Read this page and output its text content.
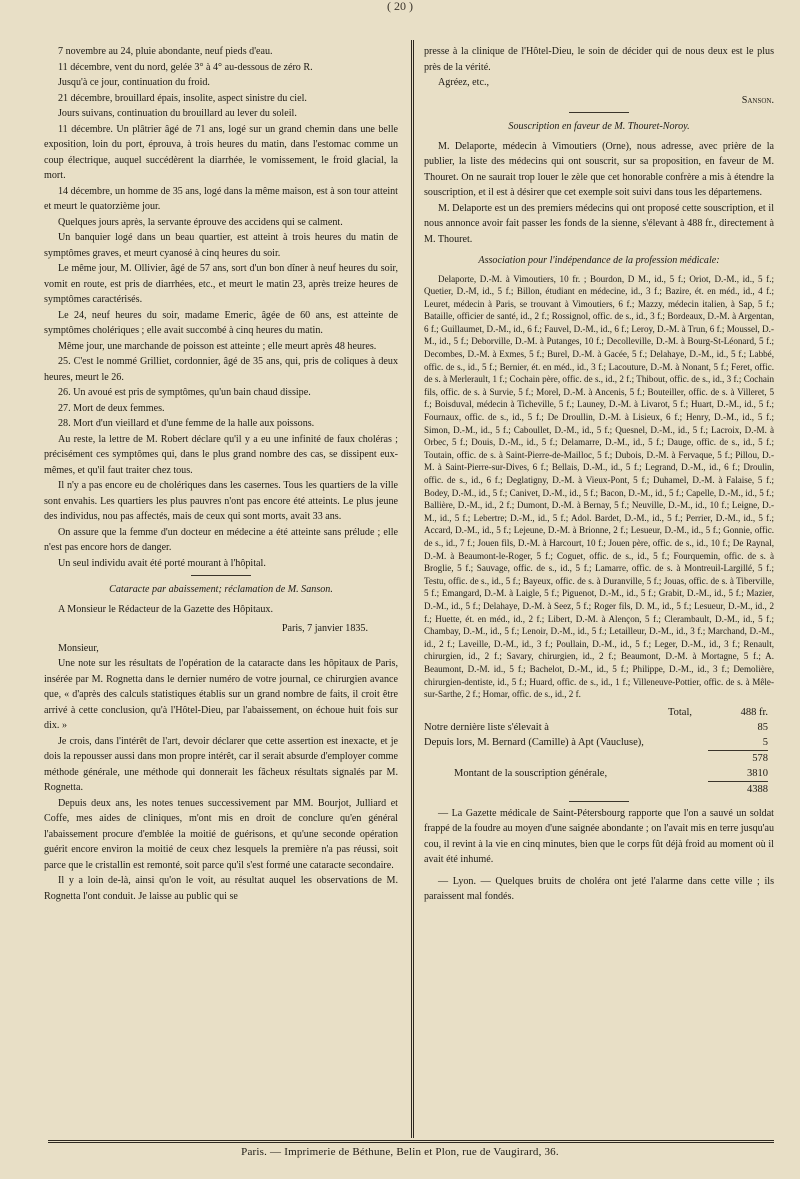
( 20 )

7 novembre au 24, pluie abondante, neuf pieds d'eau.

11 décembre, vent du nord, gelée 3° à 4° au-dessous de zéro R.

Jusqu'à ce jour, continuation du froid.

21 décembre, brouillard épais, insolite, aspect sinistre du ciel.

Jours suivans, continuation du brouillard au lever du soleil.

11 décembre. Un plâtrier âgé de 71 ans, logé sur un grand chemin dans une belle exposition, loin du port, éprouva, à trois heures du matin, dans l'estomac comme un coup électrique, auquel succédèrent la diarrhée, le vomissement, le froid glacial, la mort.

14 décembre, un homme de 35 ans, logé dans la même maison, est à son tour atteint et meurt le quatorzième jour.

Quelques jours après, la servante éprouve des accidens qui se calment.

Un banquier logé dans un beau quartier, est atteint à trois heures du matin de symptômes graves, et meurt cyanosé à cinq heures du soir.

Le même jour, M. Ollivier, âgé de 57 ans, sort d'un bon dîner à neuf heures du soir, vomit en route, est pris de diarrhées, etc., et meurt le matin 23, après treize heures de symptômes caractérisés.

Le 24, neuf heures du soir, madame Emeric, âgée de 60 ans, est atteinte de symptômes cholériques ; elle avait succombé à cinq heures du matin.

Même jour, une marchande de poisson est atteinte ; elle meurt après 48 heures.

25. C'est le nommé Grilliet, cordonnier, âgé de 35 ans, qui, pris de coliques à deux heures, meurt le 26.

26. Un avoué est pris de symptômes, qu'un bain chaud dissipe.

27. Mort de deux femmes.

28. Mort d'un vieillard et d'une femme de la halle aux poissons.

Au reste, la lettre de M. Robert déclare qu'il y a eu une infinité de faux choléras ; précisément ces symptômes qui, dans le plus grand nombre des cas, se dissipent eux-mêmes, et qu'il faut traiter chez tous.

Il n'y a pas encore eu de cholériques dans les casernes. Tous les quartiers de la ville sont envahis. Les quartiers les plus pauvres n'ont pas encore été atteints. Le plus jeune des individus, nou pas affectés, mais de ceux qui sont morts, avait 33 ans.

On assure que la femme d'un docteur en médecine a été atteinte sans prélude ; elle n'est pas encore hors de danger.

Un seul individu avait été porté mourant à l'hôpital.

Cataracte par abaissement; réclamation de M. Sanson.

A Monsieur le Rédacteur de la Gazette des Hôpitaux.

Paris, 7 janvier 1835.

Monsieur,

Une note sur les résultats de l'opération de la cataracte dans les hôpitaux de Paris, insérée par M. Rognetta dans le dernier numéro de votre journal, ce chirurgien avance que, « d'après des calculs statistiques établis sur un grand nombre de faits, il croit être arrivé à cette conclusion, qu'à l'Hôtel-Dieu, par l'abaissement, on échoue huit fois sur dix. »

Je crois, dans l'intérêt de l'art, devoir déclarer que cette assertion est inexacte, et je dois la repousser aussi dans mon propre intérêt, car il serait absurde d'employer comme méthode générale, une méthode qui donnerait les fâcheux résultats signalés par M. Rognetta.

Depuis deux ans, les notes tenues successivement par MM. Bourjot, Julliard et Coffe, mes aides de cliniques, m'ont mis en droit de conclure qu'en général l'abaissement procure d'emblée la moitié de guérisons, et qu'une seconde opération guérit encore environ la moitié de ceux chez lesquels la première n'a pas réussi, soit parce que le cristallin est remonté, soit parce qu'il s'est formé une cataracte secondaire.

Il y a loin de-là, ainsi qu'on le voit, au résultat auquel les observations de M. Rognetta l'ont conduit. Je laisse au public qui se

presse à la clinique de l'Hôtel-Dieu, le soin de décider qui de nous deux est le plus près de la vérité.

Agréez, etc.,

Sanson.

Souscription en faveur de M. Thouret-Noroy.

M. Delaporte, médecin à Vimoutiers (Orne), nous adresse, avec prière de la publier, la liste des médecins qui ont souscrit, sur sa proposition, en faveur de M. Thouret. On ne saurait trop louer le zèle que cet honorable confrère a mis à étendre la souscription, et il est à désirer que cet exemple soit suivi dans tous les départemens.

M. Delaporte est un des premiers médecins qui ont proposé cette souscription, et il nous annonce avoir fait passer les fonds de la sienne, s'élevant à 488 fr., directement à M. Thouret.

Association pour l'indépendance de la profession médicale:

Delaporte, D.-M. à Vimoutiers, 10 fr. ; Bourdon, D M., id., 5 f.; Oriot, D.-M., id., 5 f.; Quetier, D.-M, id., 5 f.; Billon, étudiant en médecine, id., 3 f.; Bazire, ét. en méd., id., 4 f.; Leuret, médecin à Paris, se trouvant à Vimoutiers, 6 f.; Mazzy, médecin italien, à Sap, 5 f.; Bataille, officier de santé, id., 2 f.; Rossignol, offic. de s., id., 3 f.; Bordeaux, D.-M. à Argentan, 6 f.; Guillaumet, D.-M., id., 6 f.; Fauvel, D.-M., id., 6 f.; Leroy, D.-M. à Trun, 6 f.; Moussel, D.-M., id., 5 f.; Deborville, D.-M. à Putanges, 10 f.; Decolleville, D.-M. à Bourg-St-Léonard, 5 f.; Decombes, D.-M. à Exmes, 5 f.; Burel, D.-M. à Gacée, 5 f.; Delahaye, D.-M., id., 5 f.; Labbé, offic. de s., id., 5 f.; Bernier, ét. en méd., id., 3 f.; Lacouture, D.-M. à Nonant, 5 f.; Feret, offic. de s. à Merlerault, 1 f.; Cochain père, offic. de s., id., 2 f.; Thibout, offic. de s., id., 3 f.; Cochain fils, offic. de s. à Survie, 5 f.; Morel, D.-M. à Ancenis, 5 f.; Bouteiller, offic. de s. à Villeret, 5 f.; Boisduval, médecin à Ticheville, 5 f.; Launey, D.-M. à Livarot, 5 f.; Huart, D.-M., id., 5 f.; Fournaux, offic. de s., id., 5 f.; De Droullin, D.-M. à Lisieux, 6 f.; Henry, D.-M., id., 5 f.; Simon, D.-M., id., 5 f.; Caboullet, D.-M., id., 5 f.; Quesnel, D.-M., id., 5 f.; Lacroix, D.-M. à Orbec, 5 f.; Douis, D.-M., id., 5 f.; Delamarre, D.-M., id., 5 f.; Dauge, offic. de s., id., 5 f.; Toutain, offic. de s. à Saint-Pierre-de-Mailloc, 5 f.; Dubois, D.-M. à Fervaque, 5 f.; Pillou, D.-M. à Saint-Pierre-sur-Dives, 6 f.; Bellais, D.-M., id., 5 f.; Legrand, D.-M., id., 6 f.; Droulin, offic. de s., id., 6 f.; Deglatigny, D.-M. à Vieux-Pont, 5 f.; Duhamel, D.-M. à Falaise, 5 f.; Bodey, D.-M., id., 5 f.; Canivet, D.-M., id., 5 f.; Bacon, D.-M., id., 5 f.; Capelle, D.-M., id., 5 f.; Ballière, D.-M., id., 2 f.; Dumont, D.-M. à Bernay, 5 f.; Neuville, D.-M., id., 10 f.; Leigne, D.-M., id., 5 f.; Lebertre; D.-M., id., 5 f.; Adol. Bardet, D.-M., id., 5 f.; Perrier, D.-M., id., 5 f.; Accard, D.-M., id., 5 f.; Lejeune, D.-M. à Brionne, 2 f.; Lesueur, D.-M., id., 5 f.; Gonnie, offic. de s., id., 7 f.; Jouen fils, D.-M. à Harcourt, 10 f.; Jouen père, offic. de s., id., 10 f.; De Raynal, D.-M. à Beaumont-le-Roger, 5 f.; Coguet, offic. de s., id., 5 f.; Fourquemin, offic. de s. à Broglie, 5 f.; Sauvage, offic. de s., id., 5 f.; Lamarre, offic. de s. à Montreuil-Largillé, 5 f.; Testu, offic. de s., id., 5 f.; Bayeux, offic. de s. à Duranville, 5 f.; Jouas, offic. de s. à Tiberville, 5 f.; Emangard, D.-M. à Laigle, 5 f.; Piguenot, D.-M., id., 5 f.; Grabit, D.-M., id., 5 f.; Mazier, D.-M., id., 5 f.; Delahaye, D.-M. à Seez, 5 f.; Roger fils, D. M., id., 5 f.; Lesueur, D.-M., id., 2 f.; Huette, ét. en méd., id., 2 f.; Libert, D.-M. à Alençon, 5 f.; Clerambault, D.-M., id., 5 f.; Chambay, D.-M., id., 5 f.; Lenoir, D.-M., id., 5 f.; Letailleur, D.-M., id., 3 f.; Marchand, D.-M., id., 2 f.; Laveille, D.-M., id., 3 f.; Poullain, D.-M., id., 5 f.; Leger, D.-M., id., 3 f.; Renault, chirurgien, id., 2 f.; Savary, chirurgien, id., 2 f.; Beaumont, D.-M. à Mortagne, 5 f.; A. Beaumont, D.-M. id., 5 f.; Bachelot, D.-M., id., 5 f.; Philippe, D.-M., id., 3 f.; Demolière, chirurgien-dentiste, id., 5 f.; Huard, offic. de s., id., 1 f.; Villeneuve-Pottier, offic. de s. à Mêle-sur-Sarthe, 2 f.; Homar, offic. de s., id., 2 f.

Total,	488 fr.
Notre dernière liste s'élevait à	85
Depuis lors, M. Bernard (Camille) à Apt (Vaucluse),	5
578
Montant de la souscription générale,	3810
4388

— La Gazette médicale de Saint-Pétersbourg rapporte que l'on a sauvé un soldat frappé de la foudre au moyen d'une saignée abondante ; on l'avait mis en terre jusqu'au cou, il revint à la vie en cinq minutes, bien que le corps fût déjà froid au moment où il avait été inhumé.

— Lyon. — Quelques bruits de choléra ont jeté l'alarme dans cette ville ; ils paraissent mal fondés.

Paris. — Imprimerie de Béthune, Belin et Plon, rue de Vaugirard, 36.
